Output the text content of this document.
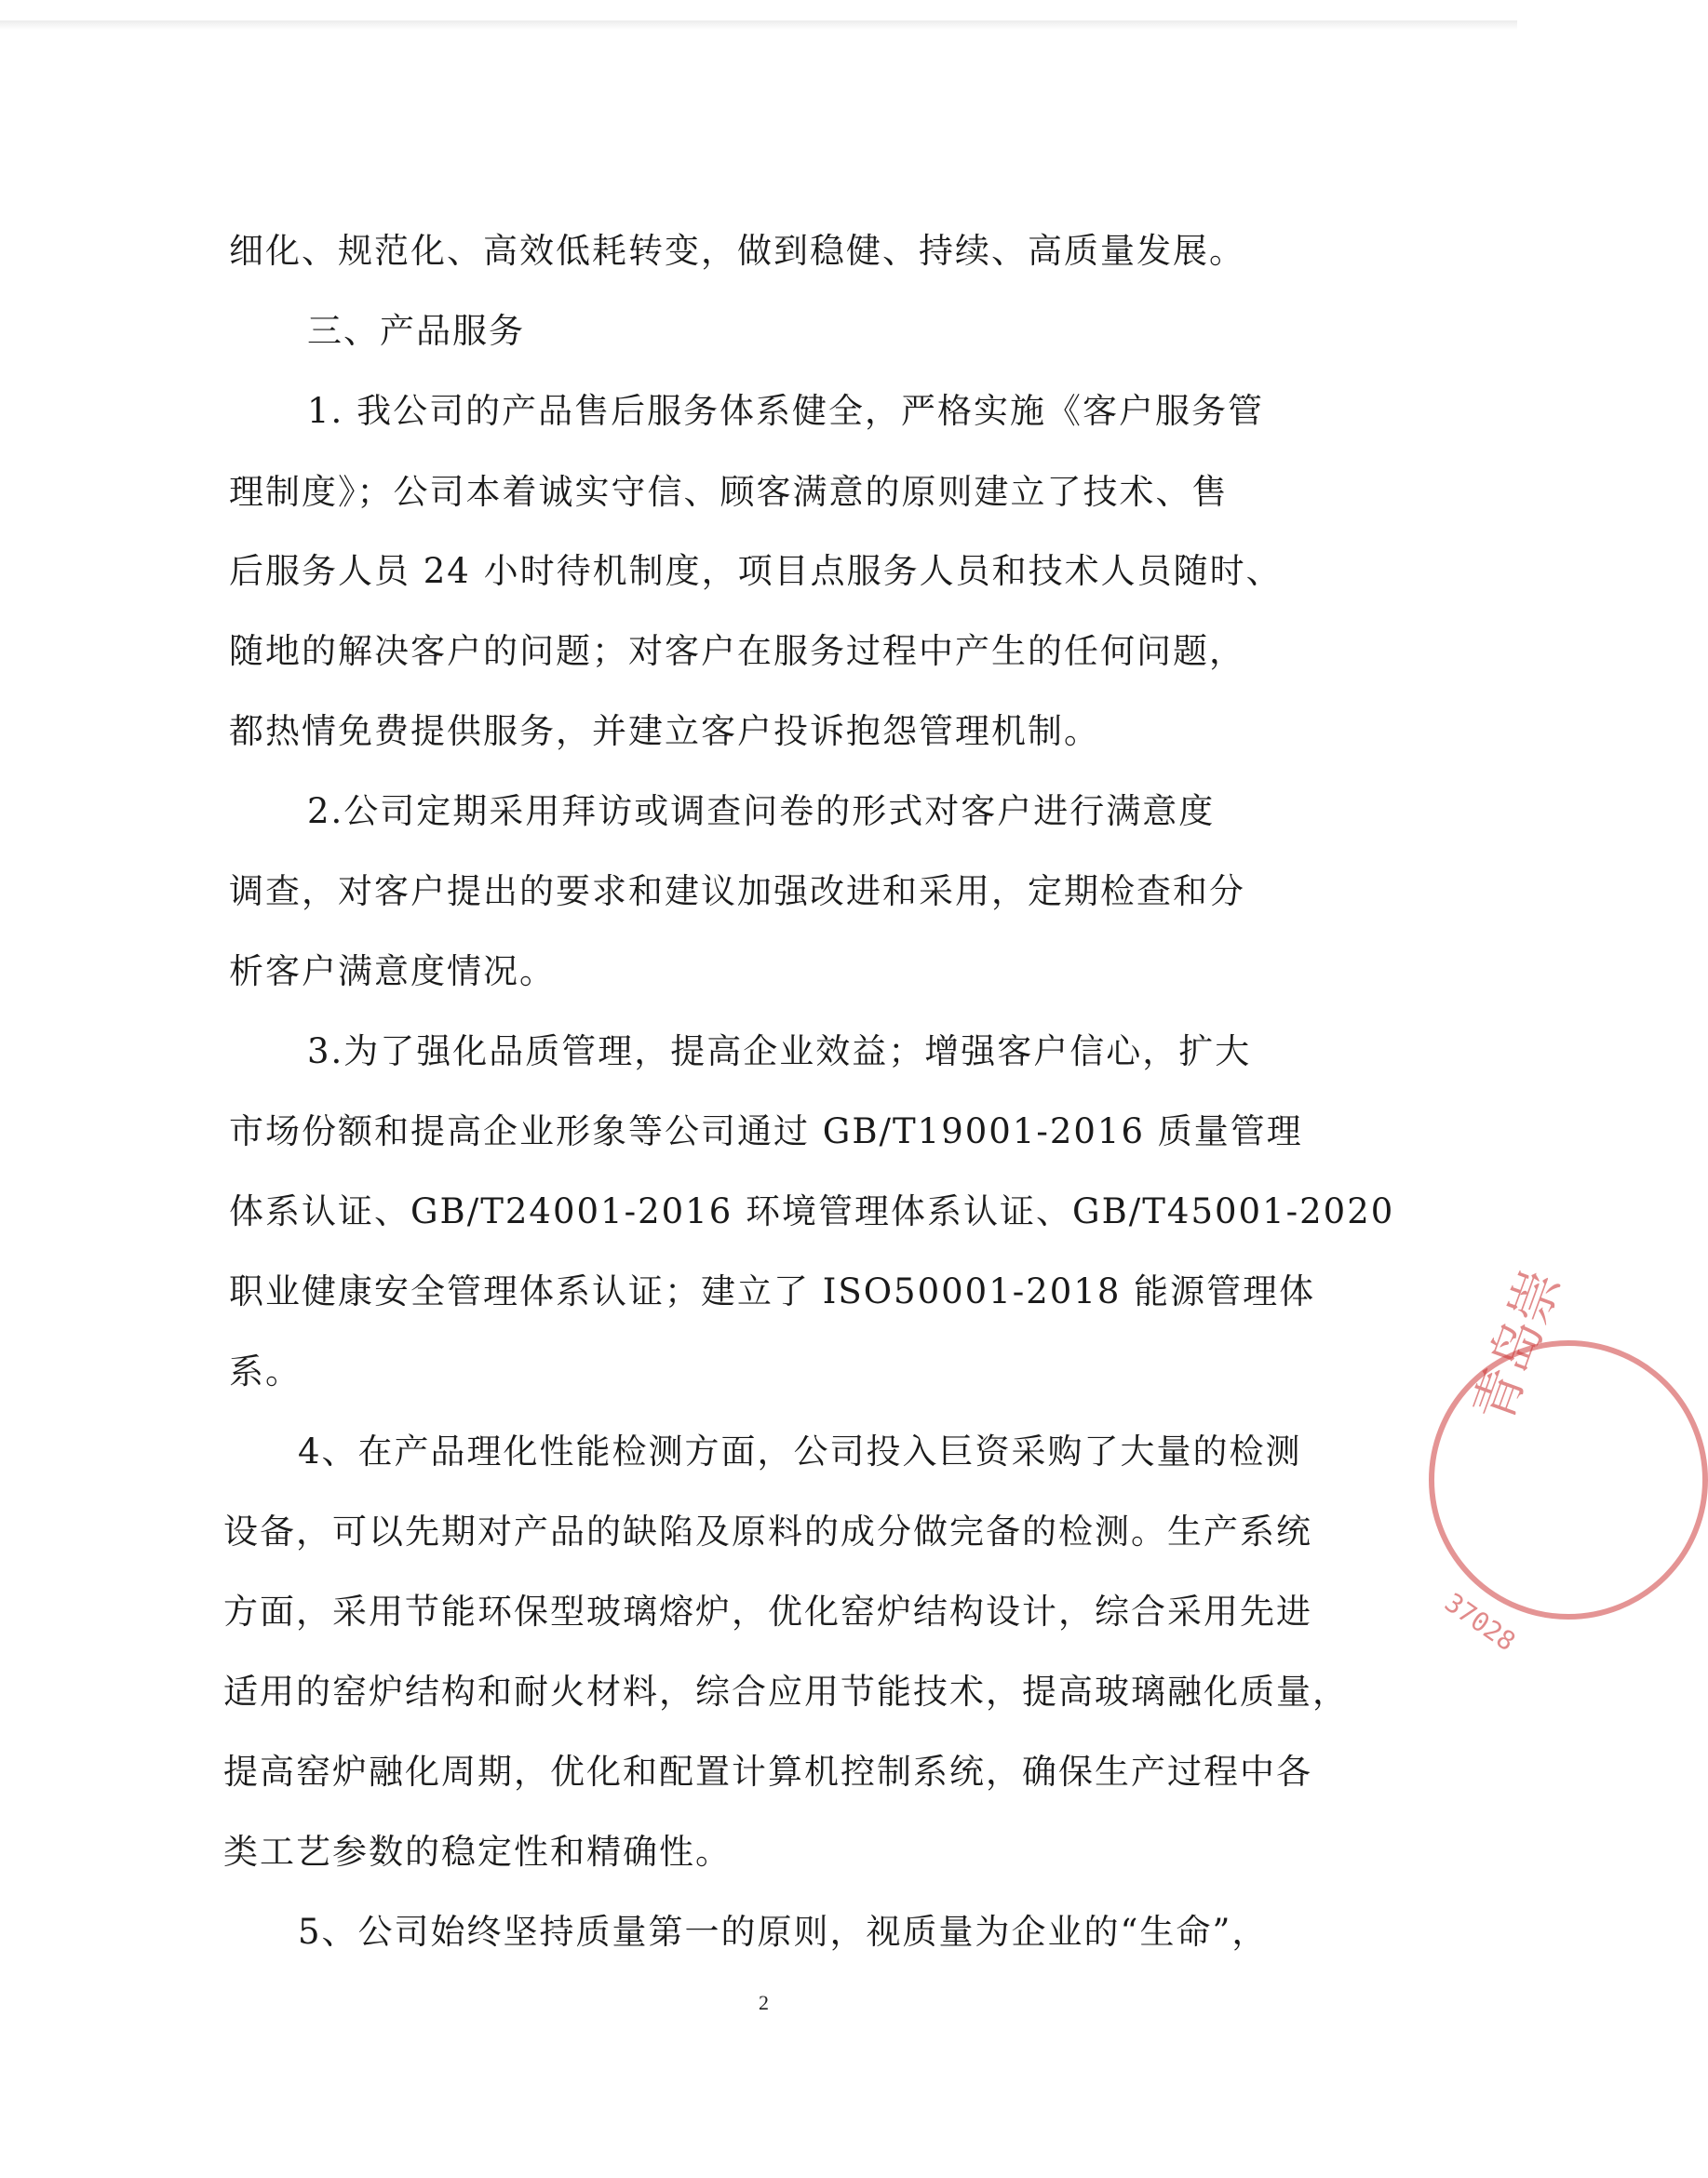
细化、规范化、高效低耗转变，做到稳健、持续、高质量发展。
三、产品服务
1. 我公司的产品售后服务体系健全，严格实施《客户服务管
理制度》；公司本着诚实守信、顾客满意的原则建立了技术、售
后服务人员 24 小时待机制度，项目点服务人员和技术人员随时、
随地的解决客户的问题；对客户在服务过程中产生的任何问题，
都热情免费提供服务，并建立客户投诉抱怨管理机制。
2.公司定期采用拜访或调查问卷的形式对客户进行满意度
调查，对客户提出的要求和建议加强改进和采用，定期检查和分
析客户满意度情况。
3.为了强化品质管理，提高企业效益；增强客户信心，扩大
市场份额和提高企业形象等公司通过 GB/T19001-2016 质量管理
体系认证、GB/T24001-2016 环境管理体系认证、GB/T45001-2020
职业健康安全管理体系认证；建立了 ISO50001-2018 能源管理体
系。
4、在产品理化性能检测方面，公司投入巨资采购了大量的检测
设备，可以先期对产品的缺陷及原料的成分做完备的检测。生产系统
方面，采用节能环保型玻璃熔炉，优化窑炉结构设计，综合采用先进
适用的窑炉结构和耐火材料，综合应用节能技术，提高玻璃融化质量，
提高窑炉融化周期，优化和配置计算机控制系统，确保生产过程中各
类工艺参数的稳定性和精确性。
5、公司始终坚持质量第一的原则，视质量为企业的“生命”，
青岛崇
37028
2
